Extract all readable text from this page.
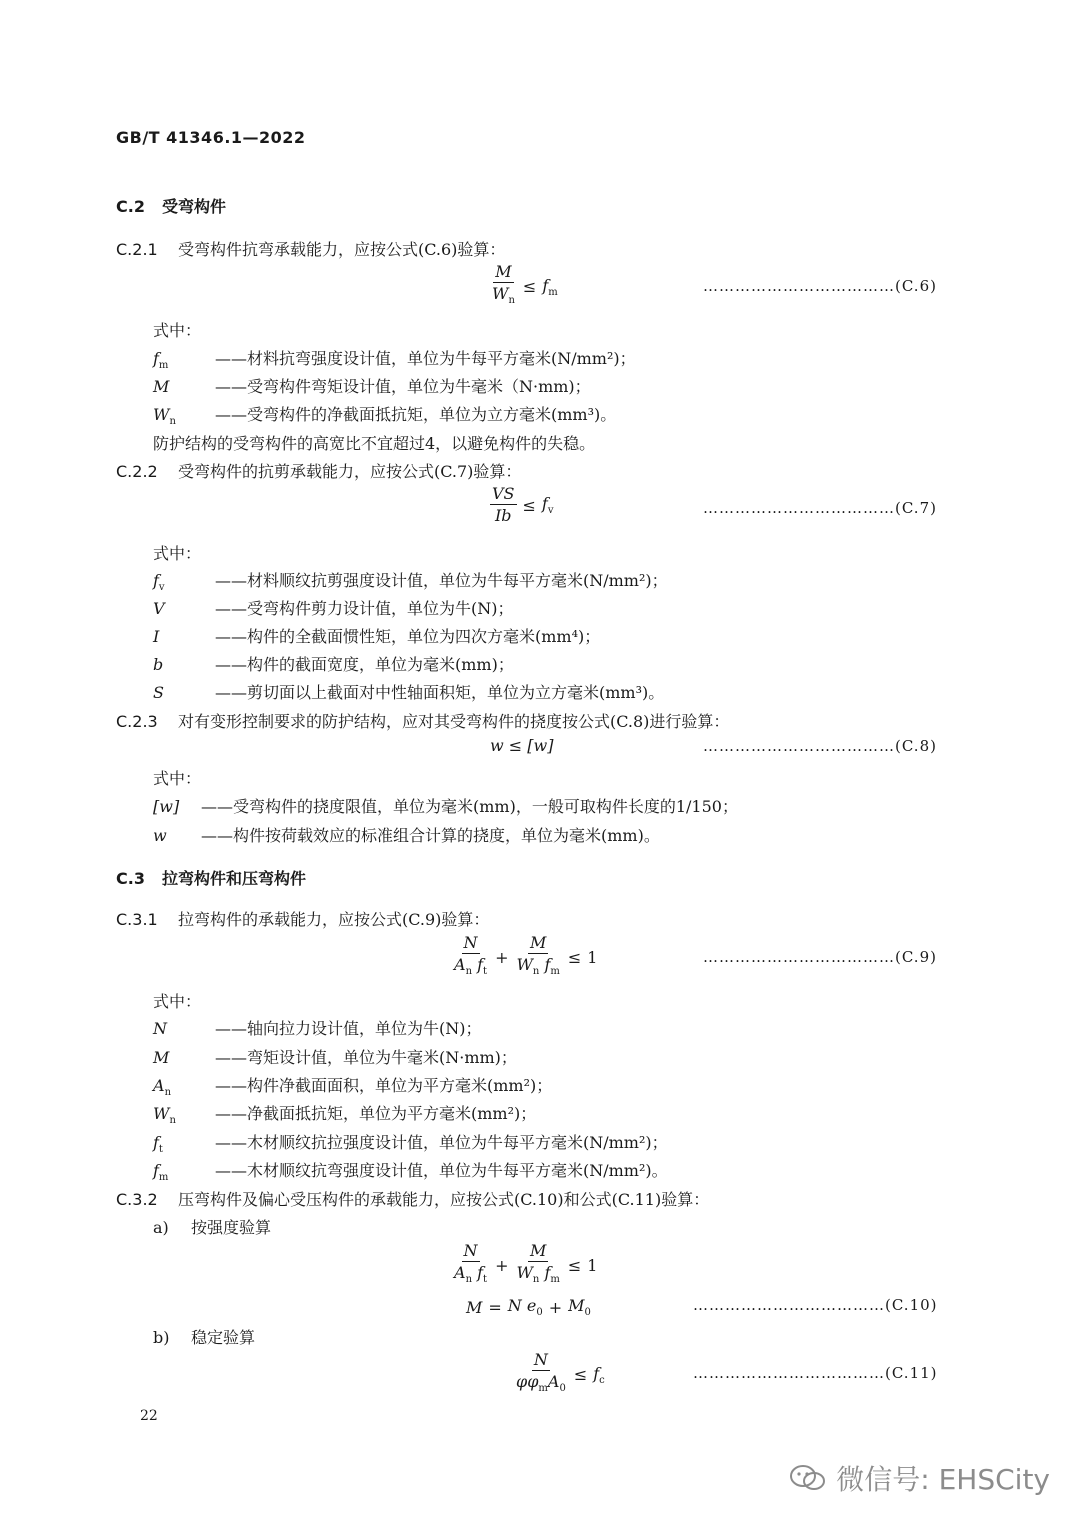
GB/T 41346.1—2022
C.2 受弯构件
C.2.1 受弯构件抗弯承载能力，应按公式(C.6)验算：
$\frac{M}{W_n} \le f_m$	………………………………(C.6)
式中：
$f_m$	——材料抗弯强度设计值，单位为牛每平方毫米(N/mm²)；
M	——受弯构件弯矩设计值，单位为牛毫米（N·mm)；
$W_n$ ——受弯构件的净截面抵抗矩，单位为立方毫米(mm³)。
防护结构的受弯构件的高宽比不宜超过4，以避免构件的失稳。
C.2.2 受弯构件的抗剪承载能力，应按公式(C.7)验算：
$\frac{VS}{Ib} \le f_v$	………………………………(C.7)
式中：
$f_v$	——材料顺纹抗剪强度设计值，单位为牛每平方毫米(N/mm²)；
V	——受弯构件剪力设计值，单位为牛(N)；
I	——构件的全截面惯性矩，单位为四次方毫米(mm⁴)；
b	——构件的截面宽度，单位为毫米(mm)；
S	——剪切面以上截面对中性轴面积矩，单位为立方毫米(mm³)。
C.2.3 对有变形控制要求的防护结构，应对其受弯构件的挠度按公式(C.8)进行验算：
w ≤ [w]	………………………………(C.8)
式中：
[w] ——受弯构件的挠度限值，单位为毫米(mm)，一般可取构件长度的1/150；
w ——构件按荷载效应的标准组合计算的挠度，单位为毫米(mm)。
C.3 拉弯构件和压弯构件
C.3.1 拉弯构件的承载能力，应按公式(C.9)验算：
$\frac{N}{A_n f_t} + \frac{M}{W_n f_m} \le 1$	………………………………(C.9)
式中：
N	——轴向拉力设计值，单位为牛(N)；
M	——弯矩设计值，单位为牛毫米(N·mm)；
$A_n$	——构件净截面面积，单位为平方毫米(mm²)；
$W_n$ ——净截面抵抗矩，单位为平方毫米(mm²)；
$f_t$	——木材顺纹抗拉强度设计值，单位为牛每平方毫米(N/mm²)；
$f_m$	——木材顺纹抗弯强度设计值，单位为牛每平方毫米(N/mm²)。
C.3.2 压弯构件及偏心受压构件的承载能力，应按公式(C.10)和公式(C.11)验算：
a) 按强度验算
$\frac{N}{A_n f_t} + \frac{M}{W_n f_m} \le 1$
M = N $e_0 + M_0$	………………………………(C.10)
b) 稳定验算
$\frac{N}{\varphi\varphi_mA_0} \le f_c$	………………………………(C.11)
22
微信号: EHSCity
